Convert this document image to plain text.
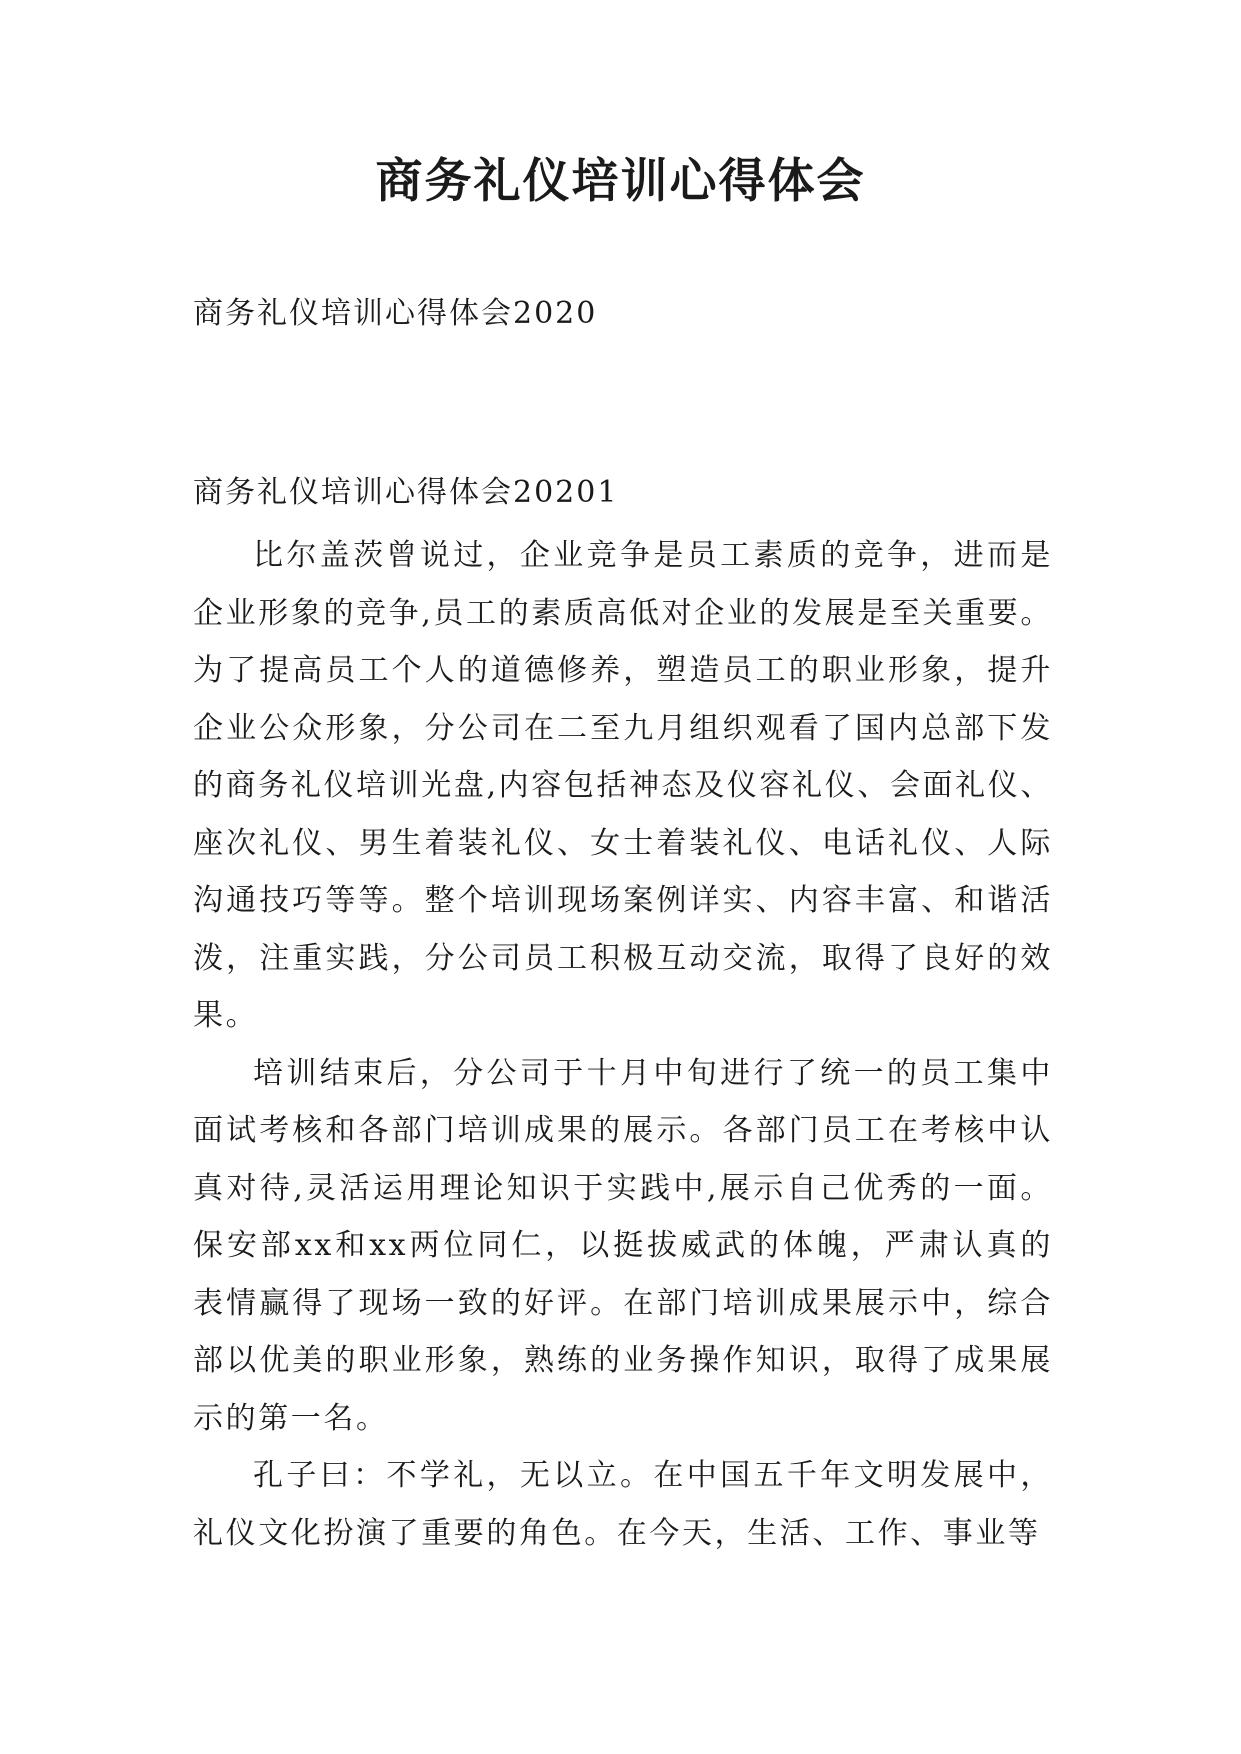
商务礼仪培训心得体会

商务礼仪培训心得体会2020

商务礼仪培训心得体会20201

比尔盖茨曾说过，企业竞争是员工素质的竞争，进而是企业形象的竞争,员工的素质高低对企业的发展是至关重要。为了提高员工个人的道德修养，塑造员工的职业形象，提升企业公众形象，分公司在二至九月组织观看了国内总部下发的商务礼仪培训光盘,内容包括神态及仪容礼仪、会面礼仪、座次礼仪、男生着装礼仪、女士着装礼仪、电话礼仪、人际沟通技巧等等。整个培训现场案例详实、内容丰富、和谐活泼，注重实践，分公司员工积极互动交流，取得了良好的效果。

培训结束后，分公司于十月中旬进行了统一的员工集中面试考核和各部门培训成果的展示。各部门员工在考核中认真对待,灵活运用理论知识于实践中,展示自己优秀的一面。保安部xx和xx两位同仁，以挺拔威武的体魄，严肃认真的表情赢得了现场一致的好评。在部门培训成果展示中，综合部以优美的职业形象，熟练的业务操作知识，取得了成果展示的第一名。

孔子曰：不学礼，无以立。在中国五千年文明发展中，礼仪文化扮演了重要的角色。在今天，生活、工作、事业等
